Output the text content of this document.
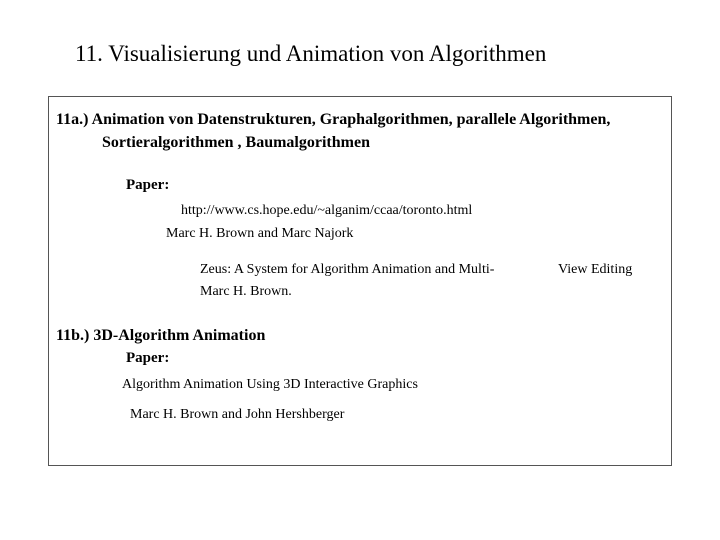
11. Visualisierung und Animation von Algorithmen
11a.) Animation von Datenstrukturen, Graphalgorithmen, parallele Algorithmen,
Sortieralgorithmen , Baumalgorithmen
Paper:
http://www.cs.hope.edu/~alganim/ccaa/toronto.html
Marc H. Brown and Marc Najork
Zeus: A System for Algorithm Animation and Multi-	View Editing
Marc H. Brown.
11b.) 3D-Algorithm Animation
Paper:
Algorithm Animation Using 3D Interactive Graphics
Marc H. Brown and John Hershberger
